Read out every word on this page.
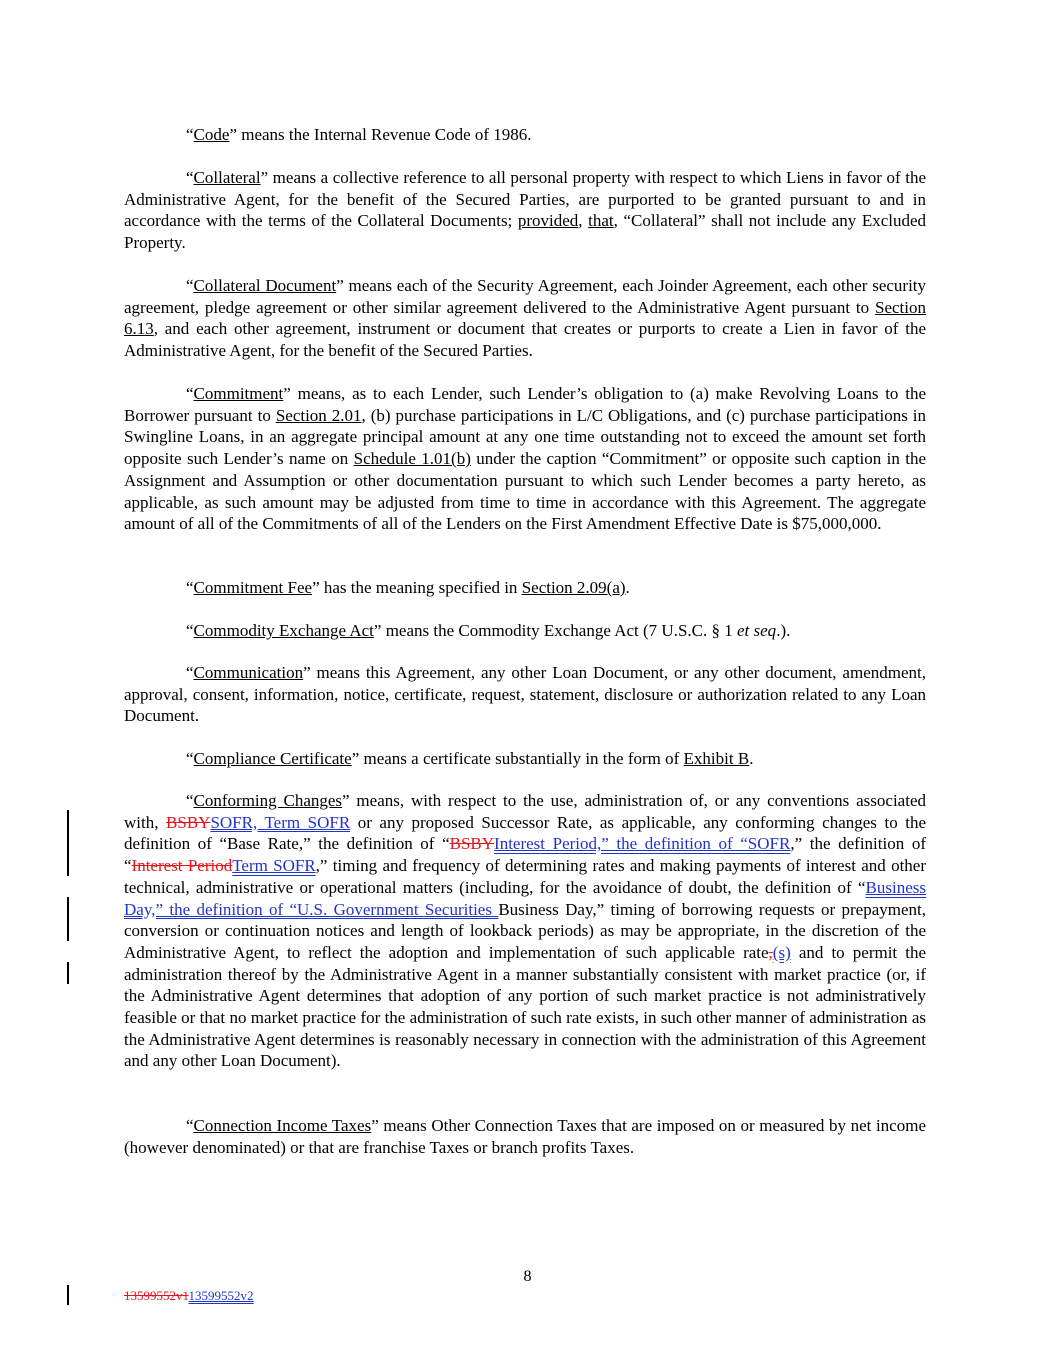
“Code” means the Internal Revenue Code of 1986.

“Collateral” means a collective reference to all personal property with respect to which Liens in favor of the Administrative Agent, for the benefit of the Secured Parties, are purported to be granted pursuant to and in accordance with the terms of the Collateral Documents; provided, that, “Collateral” shall not include any Excluded Property.

“Collateral Document” means each of the Security Agreement, each Joinder Agreement, each other security agreement, pledge agreement or other similar agreement delivered to the Administrative Agent pursuant to Section 6.13, and each other agreement, instrument or document that creates or purports to create a Lien in favor of the Administrative Agent, for the benefit of the Secured Parties.

“Commitment” means, as to each Lender, such Lender’s obligation to (a) make Revolving Loans to the Borrower pursuant to Section 2.01, (b) purchase participations in L/C Obligations, and (c) purchase participations in Swingline Loans, in an aggregate principal amount at any one time outstanding not to exceed the amount set forth opposite such Lender’s name on Schedule 1.01(b) under the caption “Commitment” or opposite such caption in the Assignment and Assumption or other documentation pursuant to which such Lender becomes a party hereto, as applicable, as such amount may be adjusted from time to time in accordance with this Agreement. The aggregate amount of all of the Commitments of all of the Lenders on the First Amendment Effective Date is $75,000,000.

“Commitment Fee” has the meaning specified in Section 2.09(a).

“Commodity Exchange Act” means the Commodity Exchange Act (7 U.S.C. § 1 et seq.).

“Communication” means this Agreement, any other Loan Document, or any other document, amendment, approval, consent, information, notice, certificate, request, statement, disclosure or authorization related to any Loan Document.

“Compliance Certificate” means a certificate substantially in the form of Exhibit B.

“Conforming Changes” means, with respect to the use, administration of, or any conventions associated with, BSBYSOFR, Term SOFR or any proposed Successor Rate, as applicable, any conforming changes to the definition of “Base Rate,” the definition of “BSBYInterest Period,” the definition of “SOFR,” the definition of “Interest PeriodTerm SOFR,” timing and frequency of determining rates and making payments of interest and other technical, administrative or operational matters (including, for the avoidance of doubt, the definition of “Business Day,” the definition of “U.S. Government Securities Business Day,” timing of borrowing requests or prepayment, conversion or continuation notices and length of lookback periods) as may be appropriate, in the discretion of the Administrative Agent, to reflect the adoption and implementation of such applicable rate,(s) and to permit the administration thereof by the Administrative Agent in a manner substantially consistent with market practice (or, if the Administrative Agent determines that adoption of any portion of such market practice is not administratively feasible or that no market practice for the administration of such rate exists, in such other manner of administration as the Administrative Agent determines is reasonably necessary in connection with the administration of this Agreement and any other Loan Document).

“Connection Income Taxes” means Other Connection Taxes that are imposed on or measured by net income (however denominated) or that are franchise Taxes or branch profits Taxes.

8
13599552v113599552v2
